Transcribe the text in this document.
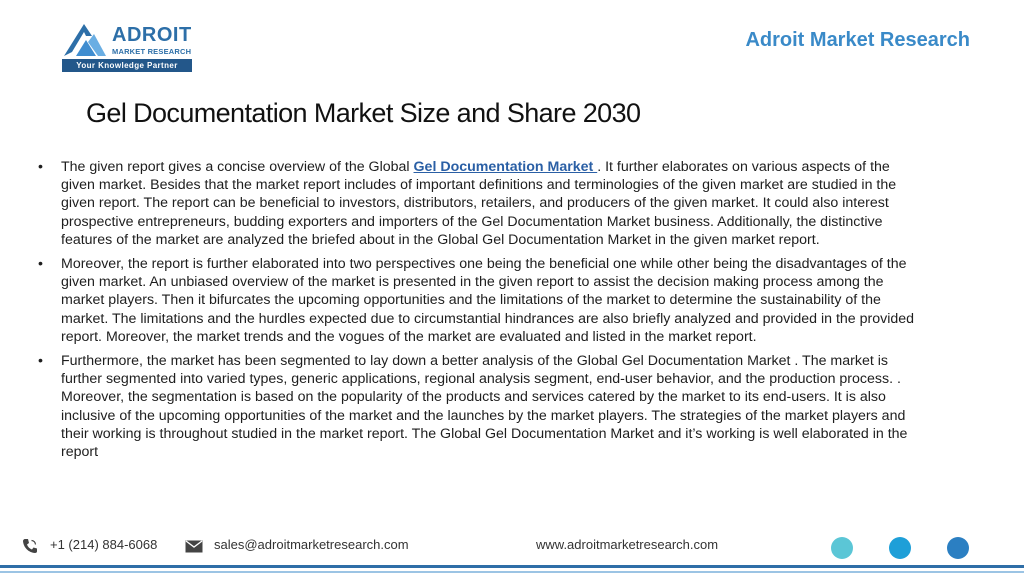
ADROIT
MARKET RESEARCH
Your Knowledge Partner
Adroit Market Research
Gel Documentation Market Size and Share 2030
• The given report gives a concise overview of the Global Gel Documentation Market . It further elaborates on various aspects of the given market. Besides that the market report includes of important definitions and terminologies of the given market are studied in the given report. The report can be beneficial to investors, distributors, retailers, and producers of the given market. It could also interest prospective entrepreneurs, budding exporters and importers of the Gel Documentation Market business. Additionally, the distinctive features of the market are analyzed the briefed about in the Global Gel Documentation Market in the given market report.
• Moreover, the report is further elaborated into two perspectives one being the beneficial one while other being the disadvantages of the given market. An unbiased overview of the market is presented in the given report to assist the decision making process among the market players. Then it bifurcates the upcoming opportunities and the limitations of the market to determine the sustainability of the market. The limitations and the hurdles expected due to circumstantial hindrances are also briefly analyzed and provided in the provided report. Moreover, the market trends and the vogues of the market are evaluated and listed in the market report.
• Furthermore, the market has been segmented to lay down a better analysis of the Global Gel Documentation Market . The market is further segmented into varied types, generic applications, regional analysis segment, end-user behavior, and the production process. . Moreover, the segmentation is based on the popularity of the products and services catered by the market to its end-users. It is also inclusive of the upcoming opportunities of the market and the launches by the market players. The strategies of the market players and their working is throughout studied in the market report. The Global Gel Documentation Market and it’s working is well elaborated in the report
+1 (214) 884-6068	sales@adroitmarketresearch.com	www.adroitmarketresearch.com
